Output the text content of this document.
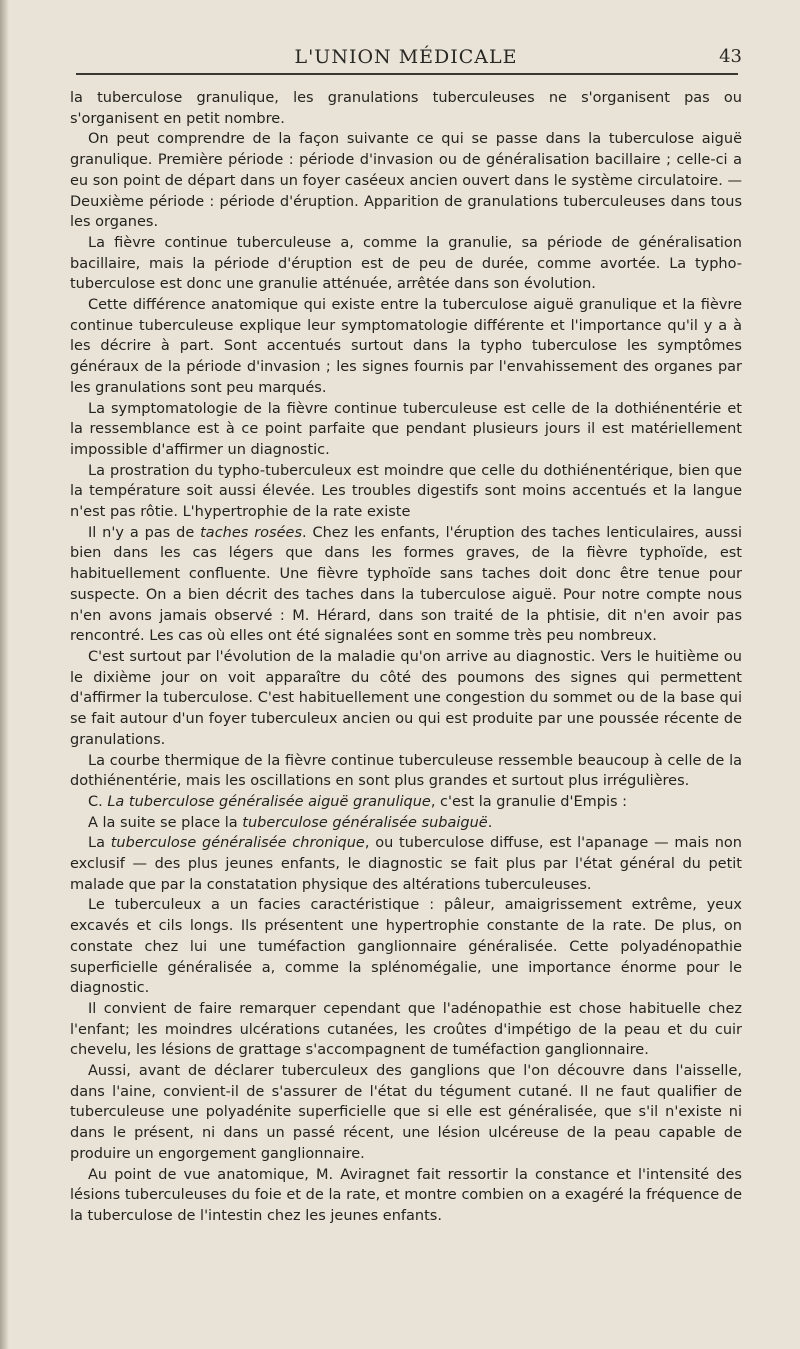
L'UNION MÉDICALE	43

la tuberculose granulique, les granulations tuberculeuses ne s'organisent pas ou s'organisent en petit nombre.

On peut comprendre de la façon suivante ce qui se passe dans la tuberculose aiguë granulique. Première période : période d'invasion ou de généralisation bacillaire ; celle-ci a eu son point de départ dans un foyer caséeux ancien ouvert dans le système circulatoire. — Deuxième période : période d'éruption. Apparition de granulations tuberculeuses dans tous les organes.

La fièvre continue tuberculeuse a, comme la granulie, sa période de généralisation bacillaire, mais la période d'éruption est de peu de durée, comme avortée. La typho-tuberculose est donc une granulie atténuée, arrêtée dans son évolution.

Cette différence anatomique qui existe entre la tuberculose aiguë granulique et la fièvre continue tuberculeuse explique leur symptomatologie différente et l'importance qu'il y a à les décrire à part. Sont accentués surtout dans la typho tuberculose les symptômes généraux de la période d'invasion ; les signes fournis par l'envahissement des organes par les granulations sont peu marqués.

La symptomatologie de la fièvre continue tuberculeuse est celle de la dothiénentérie et la ressemblance est à ce point parfaite que pendant plusieurs jours il est matériellement impossible d'affirmer un diagnostic.

La prostration du typho-tuberculeux est moindre que celle du dothiénentérique, bien que la température soit aussi élevée. Les troubles digestifs sont moins accentués et la langue n'est pas rôtie. L'hypertrophie de la rate existe

Il n'y a pas de taches rosées. Chez les enfants, l'éruption des taches lenticulaires, aussi bien dans les cas légers que dans les formes graves, de la fièvre typhoïde, est habituellement confluente. Une fièvre typhoïde sans taches doit donc être tenue pour suspecte. On a bien décrit des taches dans la tuberculose aiguë. Pour notre compte nous n'en avons jamais observé : M. Hérard, dans son traité de la phtisie, dit n'en avoir pas rencontré. Les cas où elles ont été signalées sont en somme très peu nombreux.

C'est surtout par l'évolution de la maladie qu'on arrive au diagnostic. Vers le huitième ou le dixième jour on voit apparaître du côté des poumons des signes qui permettent d'affirmer la tuberculose. C'est habituellement une congestion du sommet ou de la base qui se fait autour d'un foyer tuberculeux ancien ou qui est produite par une poussée récente de granulations.

La courbe thermique de la fièvre continue tuberculeuse ressemble beaucoup à celle de la dothiénentérie, mais les oscillations en sont plus grandes et surtout plus irrégulières.

C. La tuberculose généralisée aiguë granulique, c'est la granulie d'Empis :

A la suite se place la tuberculose généralisée subaiguë.

La tuberculose généralisée chronique, ou tuberculose diffuse, est l'apanage — mais non exclusif — des plus jeunes enfants, le diagnostic se fait plus par l'état général du petit malade que par la constatation physique des altérations tuberculeuses.

Le tuberculeux a un facies caractéristique : pâleur, amaigrissement extrême, yeux excavés et cils longs. Ils présentent une hypertrophie constante de la rate. De plus, on constate chez lui une tuméfaction ganglionnaire généralisée. Cette polyadénopathie superficielle généralisée a, comme la splénomégalie, une importance énorme pour le diagnostic.

Il convient de faire remarquer cependant que l'adénopathie est chose habituelle chez l'enfant; les moindres ulcérations cutanées, les croûtes d'impétigo de la peau et du cuir chevelu, les lésions de grattage s'accompagnent de tuméfaction ganglionnaire.

Aussi, avant de déclarer tuberculeux des ganglions que l'on découvre dans l'aisselle, dans l'aine, convient-il de s'assurer de l'état du tégument cutané. Il ne faut qualifier de tuberculeuse une polyadénite superficielle que si elle est généralisée, que s'il n'existe ni dans le présent, ni dans un passé récent, une lésion ulcéreuse de la peau capable de produire un engorgement ganglionnaire.

Au point de vue anatomique, M. Aviragnet fait ressortir la constance et l'intensité des lésions tuberculeuses du foie et de la rate, et montre combien on a exagéré la fréquence de la tuberculose de l'intestin chez les jeunes enfants.
